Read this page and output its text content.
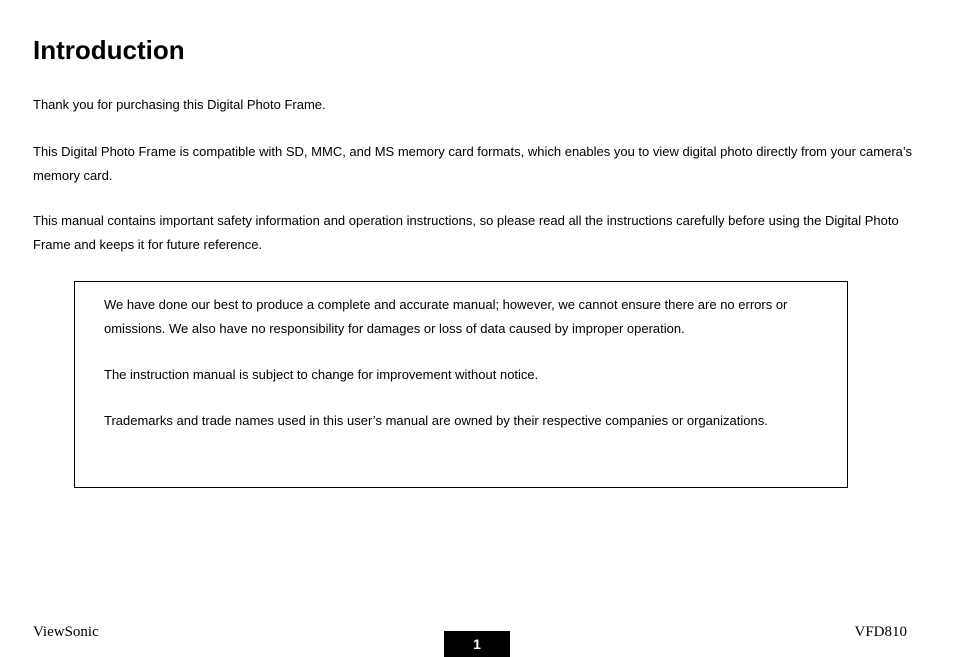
Introduction

Thank you for purchasing this Digital Photo Frame.

This Digital Photo Frame is compatible with SD, MMC, and MS memory card formats, which enables you to view digital photo directly from your camera’s memory card.

This manual contains important safety information and operation instructions, so please read all the instructions carefully before using the Digital Photo Frame and keeps it for future reference.

We have done our best to produce a complete and accurate manual; however, we cannot ensure there are no errors or omissions. We also have no responsibility for damages or loss of data caused by improper operation.

The instruction manual is subject to change for improvement without notice.

Trademarks and trade names used in this user’s manual are owned by their respective companies or organizations.

ViewSonic
1
VFD810
